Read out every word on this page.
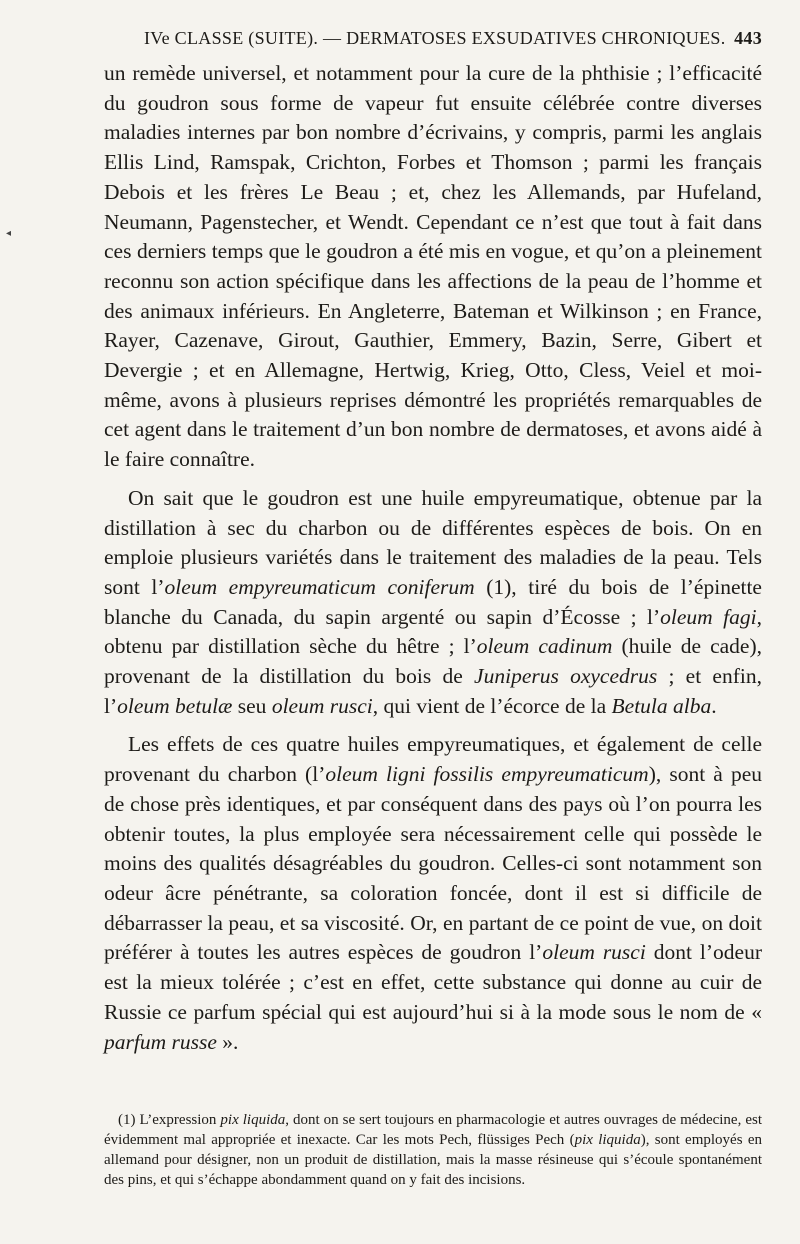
◂
IVe CLASSE (SUITE). — DERMATOSES EXSUDATIVES CHRONIQUES. 443

un remède universel, et notamment pour la cure de la phthisie ; l’efficacité du goudron sous forme de vapeur fut ensuite célébrée contre diverses maladies internes par bon nombre d’écrivains, y compris, parmi les anglais Ellis Lind, Ramspak, Crichton, Forbes et Thomson ; parmi les français Debois et les frères Le Beau ; et, chez les Allemands, par Hufeland, Neumann, Pagenstecher, et Wendt. Cependant ce n’est que tout à fait dans ces derniers temps que le goudron a été mis en vogue, et qu’on a pleinement reconnu son action spécifique dans les affections de la peau de l’homme et des animaux inférieurs. En Angleterre, Bateman et Wilkinson ; en France, Rayer, Cazenave, Girout, Gauthier, Emmery, Bazin, Serre, Gibert et Devergie ; et en Allemagne, Hertwig, Krieg, Otto, Cless, Veiel et moi-même, avons à plusieurs reprises démontré les propriétés remarquables de cet agent dans le traitement d’un bon nombre de dermatoses, et avons aidé à le faire connaître.

On sait que le goudron est une huile empyreumatique, obtenue par la distillation à sec du charbon ou de différentes espèces de bois. On en emploie plusieurs variétés dans le traitement des maladies de la peau. Tels sont l’oleum empyreumaticum coniferum (1), tiré du bois de l’épinette blanche du Canada, du sapin argenté ou sapin d’Écosse ; l’oleum fagi, obtenu par distillation sèche du hêtre ; l’oleum cadinum (huile de cade), provenant de la distillation du bois de Juniperus oxycedrus ; et enfin, l’oleum betulæ seu oleum rusci, qui vient de l’écorce de la Betula alba.

Les effets de ces quatre huiles empyreumatiques, et également de celle provenant du charbon (l’oleum ligni fossilis empyreumaticum), sont à peu de chose près identiques, et par conséquent dans des pays où l’on pourra les obtenir toutes, la plus employée sera nécessairement celle qui possède le moins des qualités désagréables du goudron. Celles-ci sont notamment son odeur âcre pénétrante, sa coloration foncée, dont il est si difficile de débarrasser la peau, et sa viscosité. Or, en partant de ce point de vue, on doit préférer à toutes les autres espèces de goudron l’oleum rusci dont l’odeur est la mieux tolérée ; c’est en effet, cette substance qui donne au cuir de Russie ce parfum spécial qui est aujourd’hui si à la mode sous le nom de « parfum russe ».

(1) L’expression pix liquida, dont on se sert toujours en pharmacologie et autres ouvrages de médecine, est évidemment mal appropriée et inexacte. Car les mots Pech, flüssiges Pech (pix liquida), sont employés en allemand pour désigner, non un produit de distillation, mais la masse résineuse qui s’écoule spontanément des pins, et qui s’échappe abondamment quand on y fait des incisions.
